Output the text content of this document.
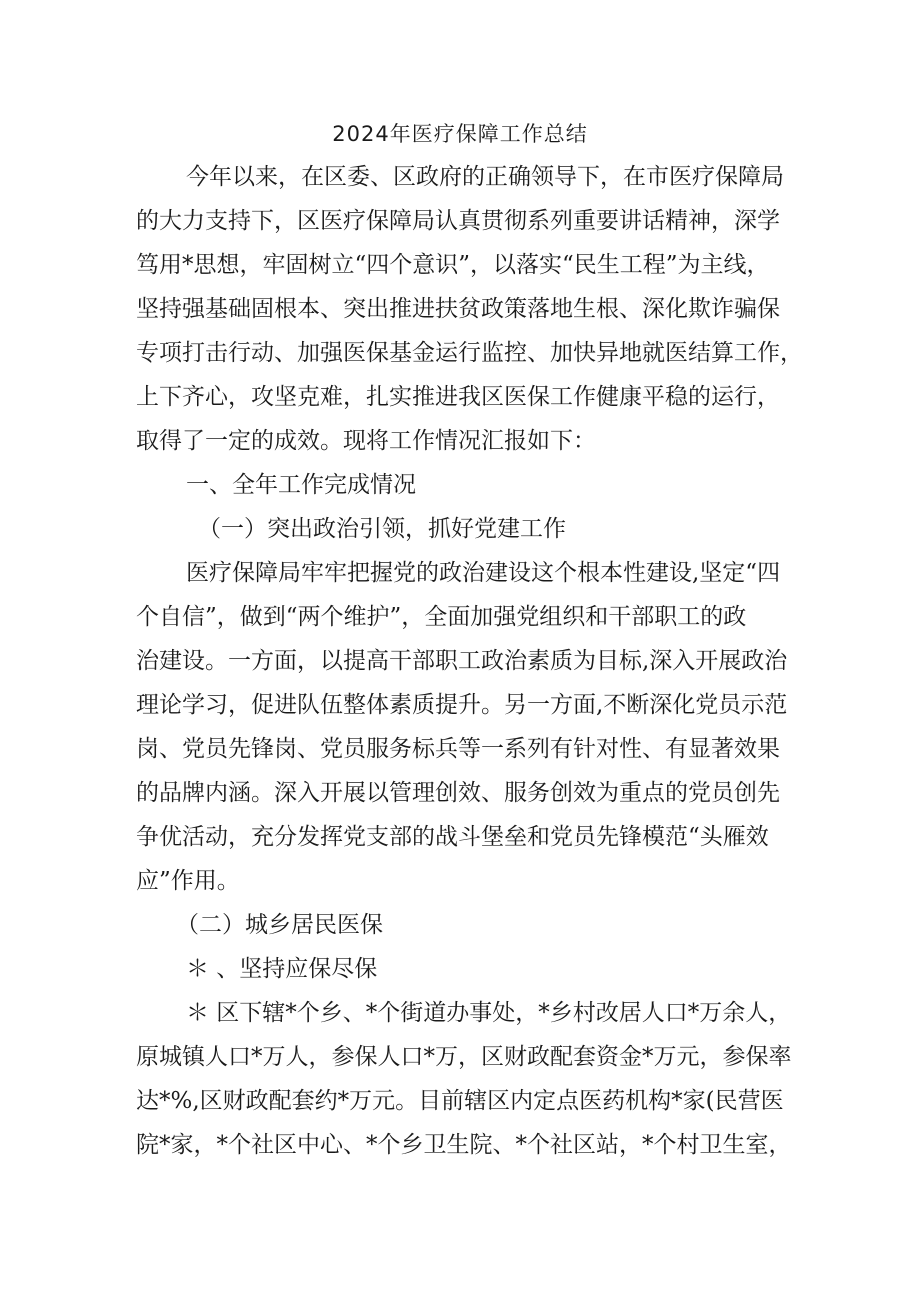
2024年医疗保障工作总结
今年以来，在区委、区政府的正确领导下，在市医疗保障局
的大力支持下，区医疗保障局认真贯彻系列重要讲话精神，深学
笃用*思想，牢固树立“四个意识”，以落实“民生工程”为主线，
坚持强基础固根本、突出推进扶贫政策落地生根、深化欺诈骗保
专项打击行动、加强医保基金运行监控、加快异地就医结算工作，
上下齐心，攻坚克难，扎实推进我区医保工作健康平稳的运行，
取得了一定的成效。现将工作情况汇报如下：
一、全年工作完成情况
（一）突出政治引领，抓好党建工作
医疗保障局牢牢把握党的政治建设这个根本性建设,坚定“四
个自信”，做到“两个维护”，全面加强党组织和干部职工的政
治建设。一方面，以提高干部职工政治素质为目标,深入开展政治
理论学习，促进队伍整体素质提升。另一方面,不断深化党员示范
岗、党员先锋岗、党员服务标兵等一系列有针对性、有显著效果
的品牌内涵。深入开展以管理创效、服务创效为重点的党员创先
争优活动，充分发挥党支部的战斗堡垒和党员先锋模范“头雁效
应”作用。
（二）城乡居民医保
＊ 、坚持应保尽保
＊ 区下辖*个乡、*个街道办事处，*乡村改居人口*万余人，
原城镇人口*万人，参保人口*万，区财政配套资金*万元，参保率
达*%,区财政配套约*万元。目前辖区内定点医药机构*家(民营医
院*家，*个社区中心、*个乡卫生院、*个社区站，*个村卫生室，
